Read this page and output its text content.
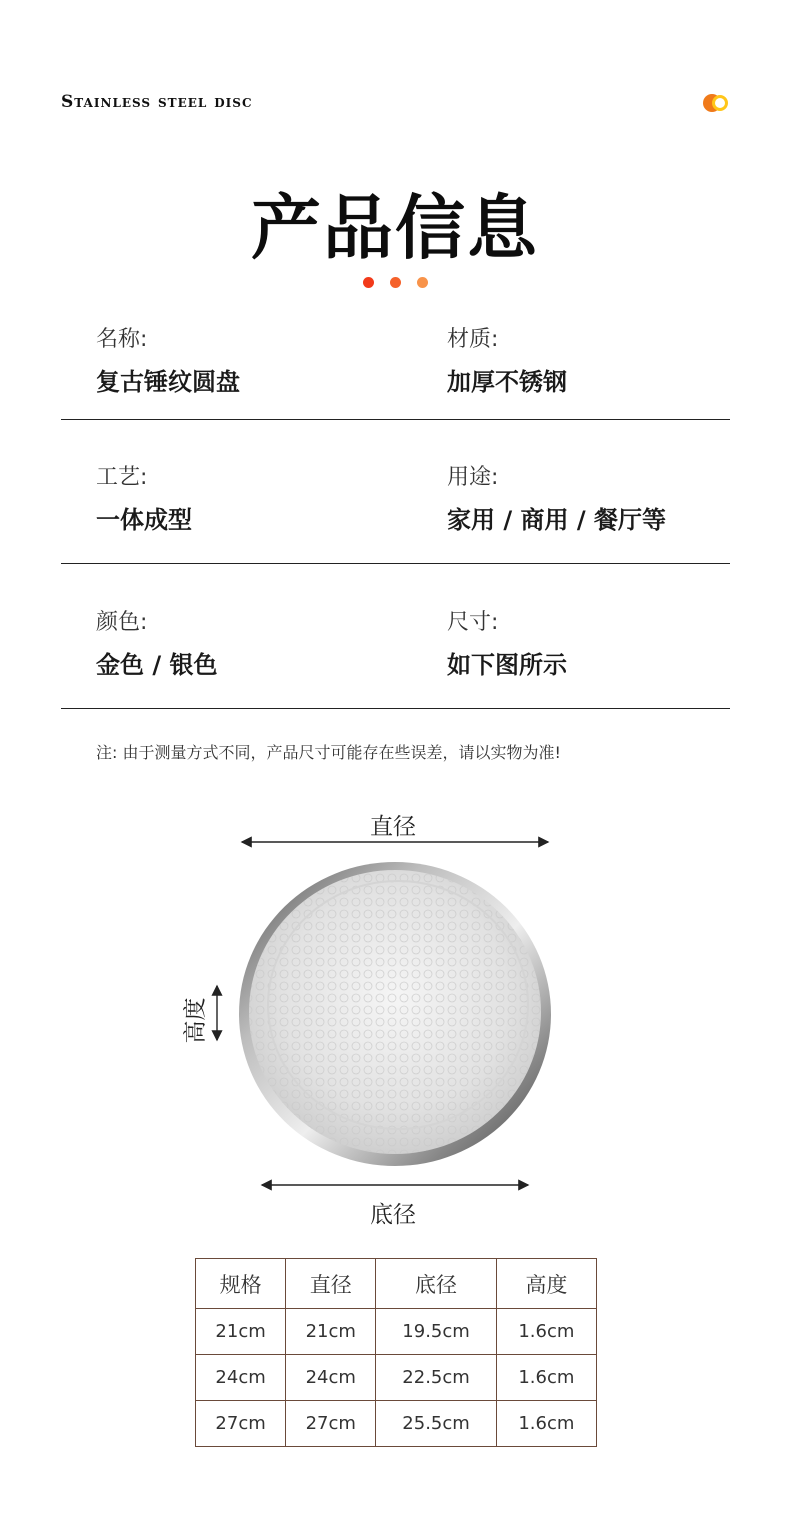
Stainless steel disc
产品信息
名称:
复古锤纹圆盘
材质:
加厚不锈钢
工艺:
一体成型
用途:
家用 / 商用 / 餐厅等
颜色:
金色 / 银色
尺寸:
如下图所示
注: 由于测量方式不同，产品尺寸可能存在些误差，请以实物为准!
直径
高度
底径
规格	直径	底径	高度
21cm	21cm	19.5cm	1.6cm
24cm	24cm	22.5cm	1.6cm
27cm	27cm	25.5cm	1.6cm
